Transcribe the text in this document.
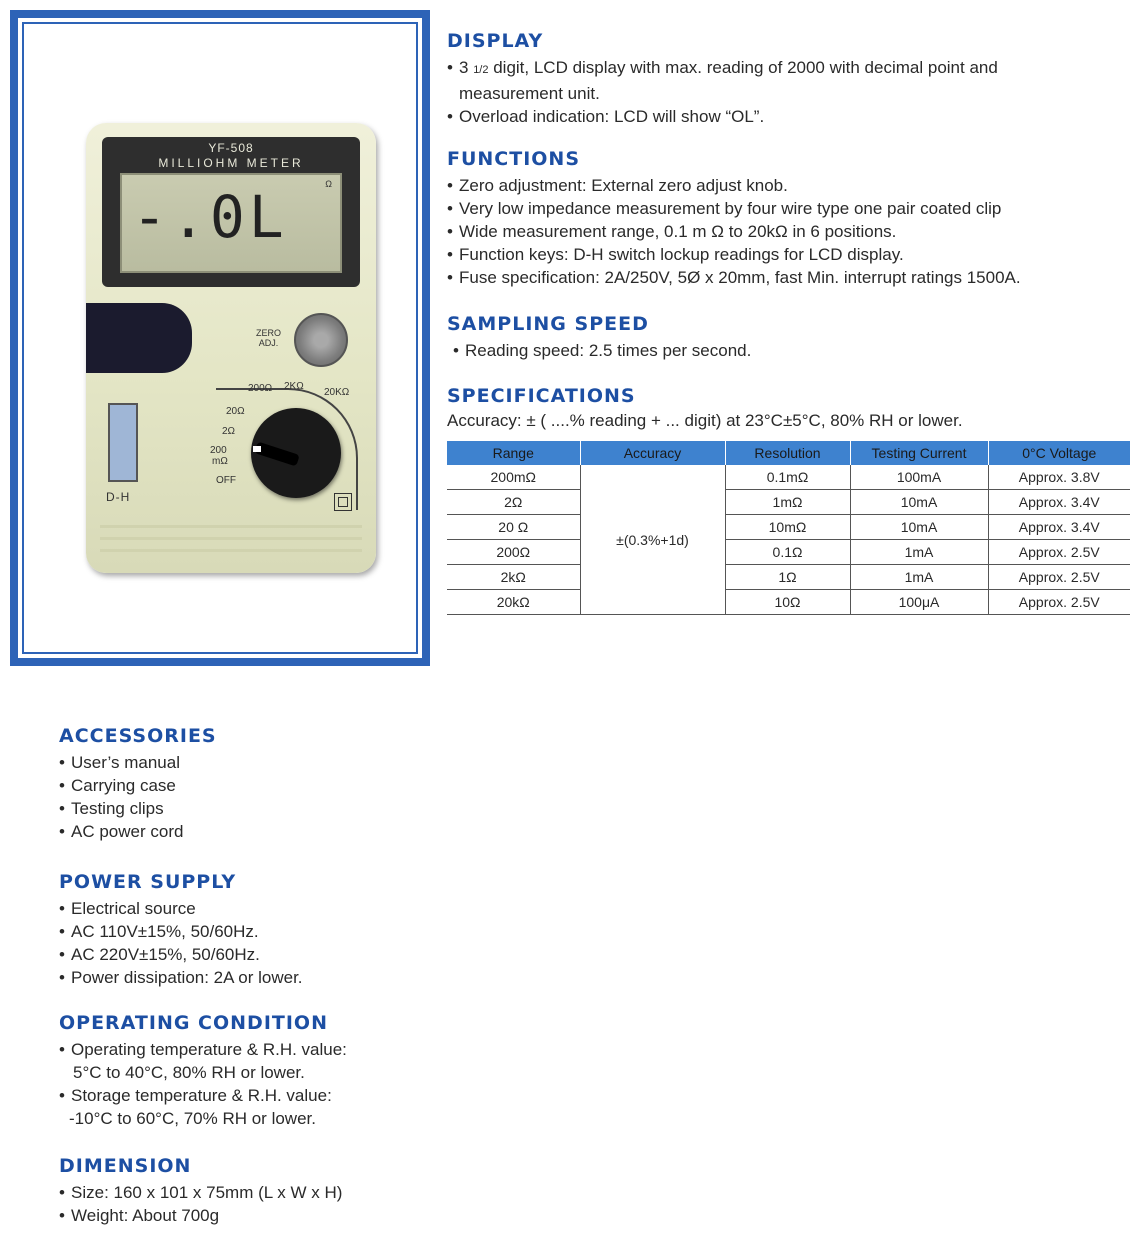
YF-508
MILLIOHM METER
-.0L	Ω
ZERO
ADJ.
200Ω 2KΩ
20KΩ
20Ω
2Ω
200
mΩ
OFF
D-H
DISPLAY
• 3 1/2 digit, LCD display with max. reading of 2000 with decimal point and
measurement unit.
• Overload indication: LCD will show “OL”.
FUNCTIONS
• Zero adjustment: External zero adjust knob.
• Very low impedance measurement by four wire type one pair coated clip
• Wide measurement range, 0.1 m Ω to 20kΩ in 6 positions.
• Function keys: D-H switch lockup readings for LCD display.
• Fuse specification: 2A/250V, 5Ø x 20mm, fast Min. interrupt ratings 1500A.
SAMPLING SPEED
• Reading speed: 2.5 times per second.
SPECIFICATIONS
Accuracy: ± ( ....% reading + ... digit) at 23°C±5°C, 80% RH or lower.
Range	Accuracy	Resolution	Testing Current	0°C Voltage
200mΩ	±(0.3%+1d)	0.1mΩ	100mA	Approx. 3.8V
2Ω		1mΩ	10mA	Approx. 3.4V
20 Ω		10mΩ	10mA	Approx. 3.4V
200Ω		0.1Ω	1mA	Approx. 2.5V
2kΩ		1Ω	1mA	Approx. 2.5V
20kΩ		10Ω	100μA	Approx. 2.5V
ACCESSORIES
• User’s manual
• Carrying case
• Testing clips
• AC power cord
POWER SUPPLY
• Electrical source
• AC 110V±15%, 50/60Hz.
• AC 220V±15%, 50/60Hz.
• Power dissipation: 2A or lower.
OPERATING CONDITION
• Operating temperature & R.H. value:
5°C to 40°C, 80% RH or lower.
• Storage temperature & R.H. value:
-10°C to 60°C, 70% RH or lower.
DIMENSION
• Size: 160 x 101 x 75mm (L x W x H)
• Weight: About 700g
